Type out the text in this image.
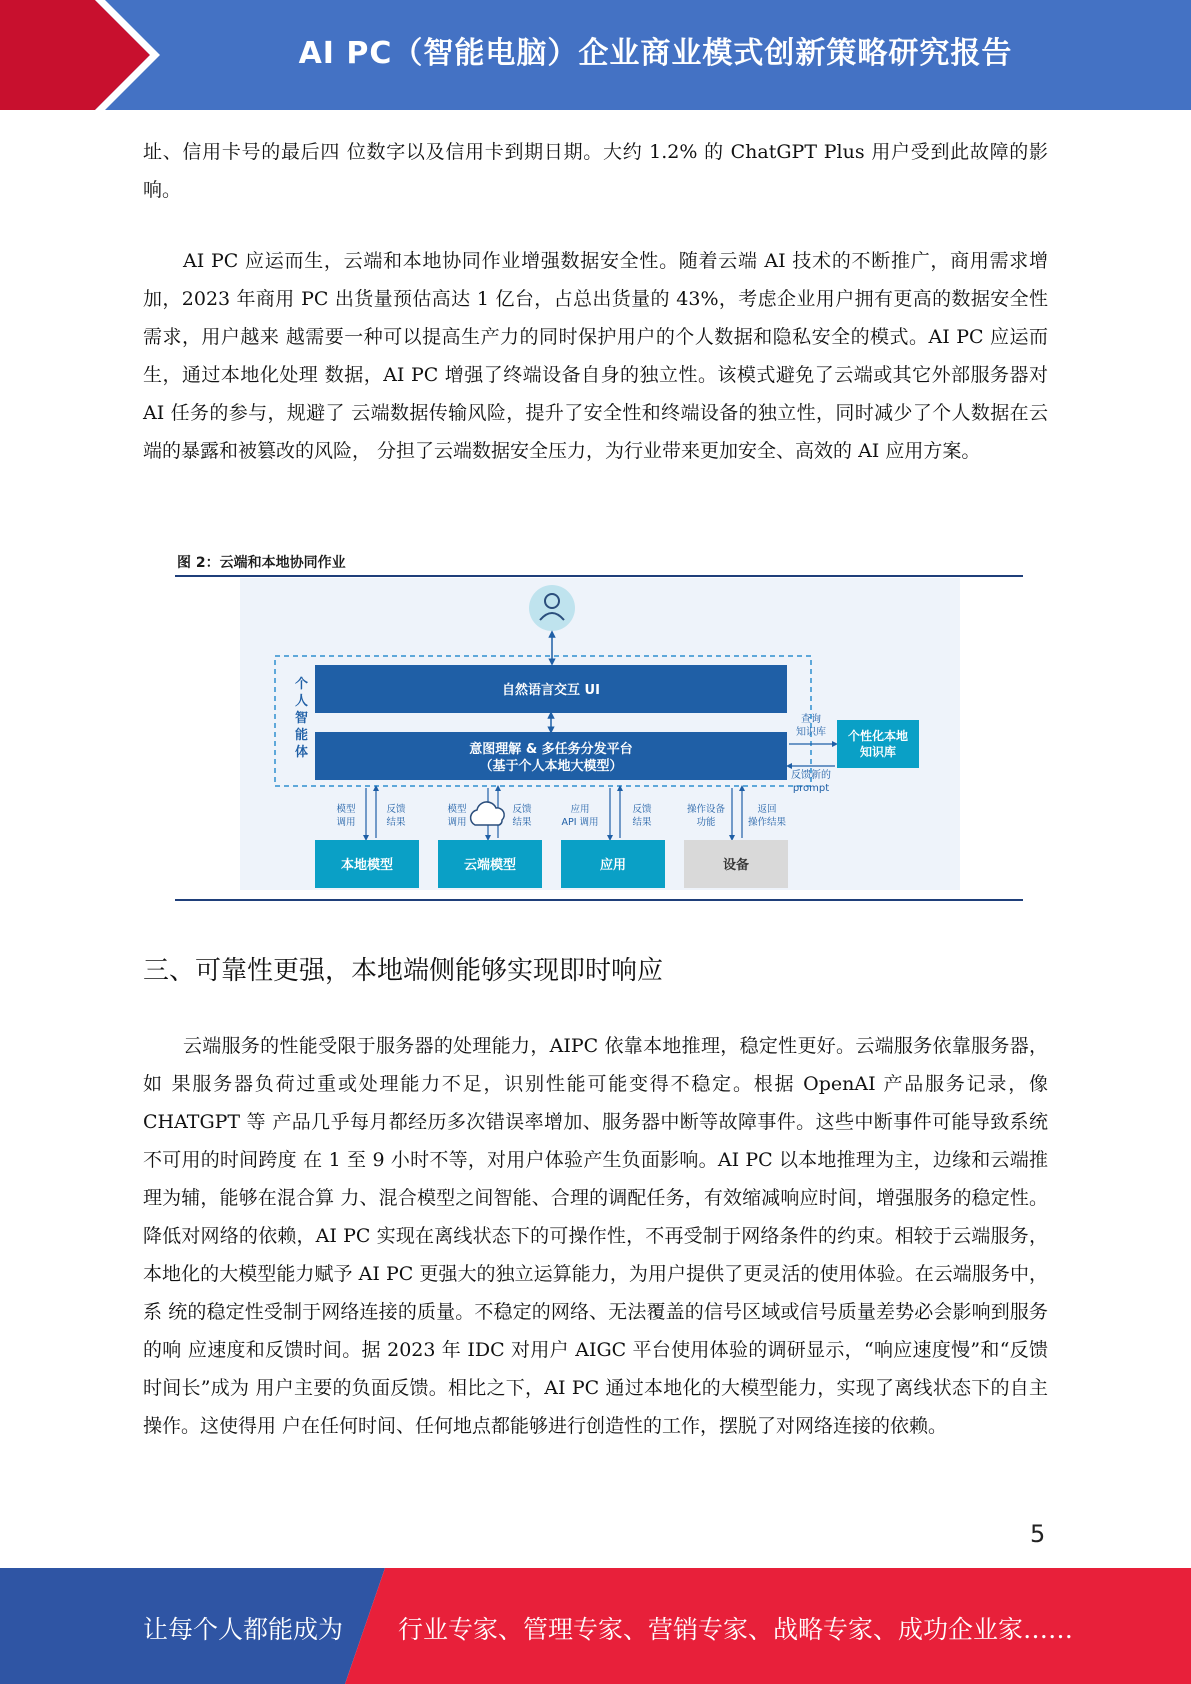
AI PC（智能电脑）企业商业模式创新策略研究报告

址、信用卡号的最后四 位数字以及信用卡到期日期。大约 1.2% 的 ChatGPT Plus 用户受到此故障的影响。

AI PC 应运而生，云端和本地协同作业增强数据安全性。随着云端 AI 技术的不断推广，商用需求增加，2023 年商用 PC 出货量预估高达 1 亿台，占总出货量的 43%，考虑企业用户拥有更高的数据安全性需求，用户越来 越需要一种可以提高生产力的同时保护用户的个人数据和隐私安全的模式。AI PC 应运而生，通过本地化处理 数据，AI PC 增强了终端设备自身的独立性。该模式避免了云端或其它外部服务器对 AI 任务的参与，规避了 云端数据传输风险，提升了安全性和终端设备的独立性，同时减少了个人数据在云端的暴露和被篡改的风险， 分担了云端数据安全压力，为行业带来更加安全、高效的 AI 应用方案。

个人智能体
自然语言交互 UI
意图理解 & 多任务分发平台
（基于个人本地大模型）
查询
知识库
反馈新的
prompt
个性化本地
知识库
模型
调用
反馈
结果
模型
调用
反馈
结果
应用
API 调用
反馈
结果
操作设备
功能
返回
操作结果
本地模型	云端模型	应用	设备
图 2：云端和本地协同作业
三、可靠性更强，本地端侧能够实现即时响应

云端服务的性能受限于服务器的处理能力，AIPC 依靠本地推理，稳定性更好。云端服务依靠服务器，如 果服务器负荷过重或处理能力不足，识别性能可能变得不稳定。根据 OpenAI 产品服务记录，像 CHATGPT 等 产品几乎每月都经历多次错误率增加、服务器中断等故障事件。这些中断事件可能导致系统不可用的时间跨度 在 1 至 9 小时不等，对用户体验产生负面影响。AI PC 以本地推理为主，边缘和云端推理为辅，能够在混合算 力、混合模型之间智能、合理的调配任务，有效缩减响应时间，增强服务的稳定性。 降低对网络的依赖，AI PC 实现在离线状态下的可操作性，不再受制于网络条件的约束。相较于云端服务， 本地化的大模型能力赋予 AI PC 更强大的独立运算能力，为用户提供了更灵活的使用体验。在云端服务中，系 统的稳定性受制于网络连接的质量。不稳定的网络、无法覆盖的信号区域或信号质量差势必会影响到服务的响 应速度和反馈时间。据 2023 年 IDC 对用户 AIGC 平台使用体验的调研显示，“响应速度慢”和“反馈时间长”成为 用户主要的负面反馈。相比之下，AI PC 通过本地化的大模型能力，实现了离线状态下的自主操作。这使得用 户在任何时间、任何地点都能够进行创造性的工作，摆脱了对网络连接的依赖。

5
让每个人都能成为 行业专家、管理专家、营销专家、战略专家、成功企业家……
